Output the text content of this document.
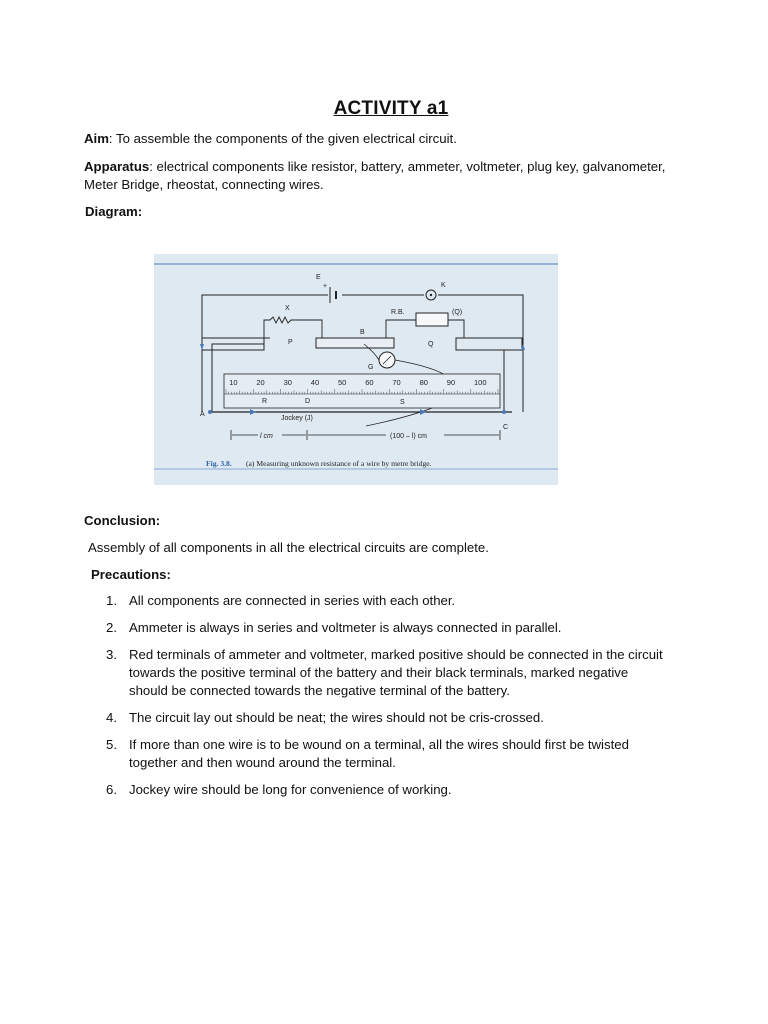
ACTIVITY a1
Aim: To assemble the components of the given electrical circuit.
Apparatus: electrical components like resistor, battery, ammeter, voltmeter, plug key, galvanometer, Meter Bridge, rheostat, connecting wires.
Diagram:
+
E
K
X
P
R.B.	(Q)
Q
B
G
10	20	30	40	50	60	70	80	90	100
A
C
R	D	S
Jockey (J)
l cm	(100 – l) cm
Fig. 3.8. (a) Measuring unknown resistance of a wire by metre bridge.
Conclusion:
Assembly of all components in all the electrical circuits are complete.
Precautions:
1. All components are connected in series with each other.
2. Ammeter is always in series and voltmeter is always connected in parallel.
3. Red terminals of ammeter and voltmeter, marked positive should be connected in the circuit towards the positive terminal of the battery and their black terminals, marked negative should be connected towards the negative terminal of the battery.
4. The circuit lay out should be neat; the wires should not be cris-crossed.
5. If more than one wire is to be wound on a terminal, all the wires should first be twisted together and then wound around the terminal.
6. Jockey wire should be long for convenience of working.
